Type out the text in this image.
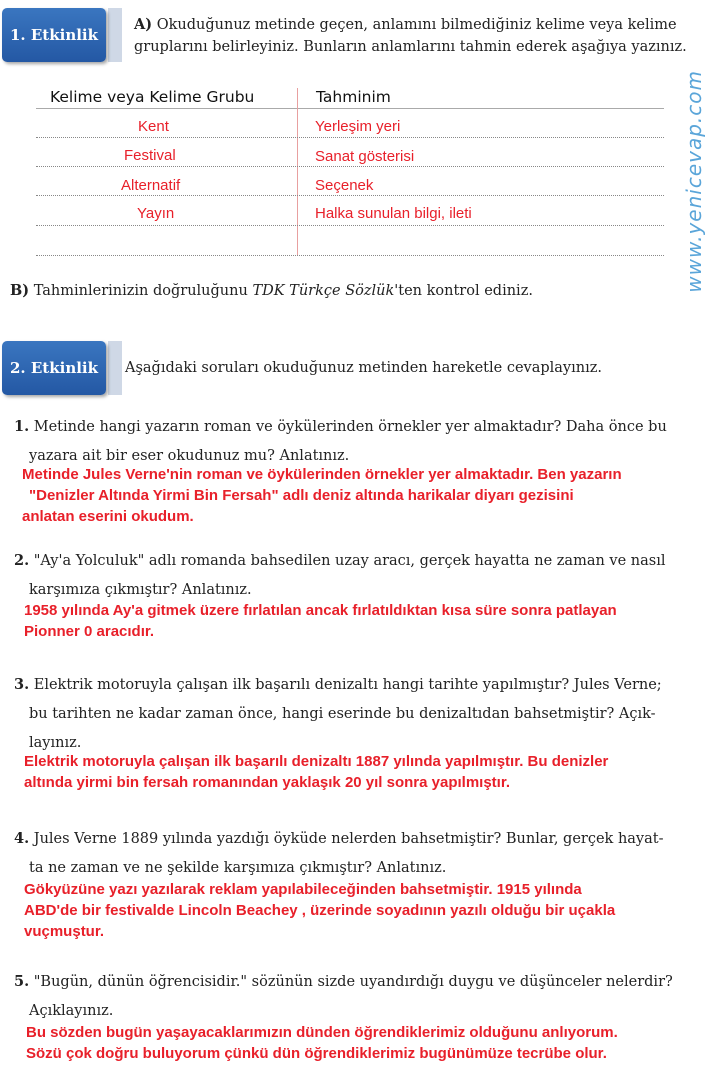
www.yenicevap.com
1. Etkinlik
A) Okuduğunuz metinde geçen, anlamını bilmediğiniz kelime veya kelime
gruplarını belirleyiniz. Bunların anlamlarını tahmin ederek aşağıya yazınız.
Kelime veya Kelime Grubu	Tahminim
Kent	Yerleşim yeri
Festival	Sanat gösterisi
Alternatif	Seçenek
Yayın	Halka sunulan bilgi, ileti
B) Tahminlerinizin doğruluğunu TDK Türkçe Sözlük'ten kontrol ediniz.
2. Etkinlik	Aşağıdaki soruları okuduğunuz metinden hareketle cevaplayınız.
1. Metinde hangi yazarın roman ve öykülerinden örnekler yer almaktadır? Daha önce bu
yazara ait bir eser okudunuz mu? Anlatınız.
Metinde Jules Verne'nin roman ve öykülerinden örnekler yer almaktadır. Ben yazarın
"Denizler Altında Yirmi Bin Fersah" adlı deniz altında harikalar diyarı gezisini
anlatan eserini okudum.
2. "Ay'a Yolculuk" adlı romanda bahsedilen uzay aracı, gerçek hayatta ne zaman ve nasıl
karşımıza çıkmıştır? Anlatınız.
1958 yılında Ay'a gitmek üzere fırlatılan ancak fırlatıldıktan kısa süre sonra patlayan
Pionner 0 aracıdır.
3. Elektrik motoruyla çalışan ilk başarılı denizaltı hangi tarihte yapılmıştır? Jules Verne;
bu tarihten ne kadar zaman önce, hangi eserinde bu denizaltıdan bahsetmiştir? Açık-
layınız.
Elektrik motoruyla çalışan ilk başarılı denizaltı 1887 yılında yapılmıştır. Bu denizler
altında yirmi bin fersah romanından yaklaşık 20 yıl sonra yapılmıştır.
4. Jules Verne 1889 yılında yazdığı öyküde nelerden bahsetmiştir? Bunlar, gerçek hayat-
ta ne zaman ve ne şekilde karşımıza çıkmıştır? Anlatınız.
Gökyüzüne yazı yazılarak reklam yapılabileceğinden bahsetmiştir. 1915 yılında
ABD'de bir festivalde Lincoln Beachey , üzerinde soyadının yazılı olduğu bir uçakla
vuçmuştur.
5. "Bugün, dünün öğrencisidir." sözünün sizde uyandırdığı duygu ve düşünceler nelerdir?
Açıklayınız.
Bu sözden bugün yaşayacaklarımızın dünden öğrendiklerimiz olduğunu anlıyorum.
Sözü çok doğru buluyorum çünkü dün öğrendiklerimiz bugünümüze tecrübe olur.
